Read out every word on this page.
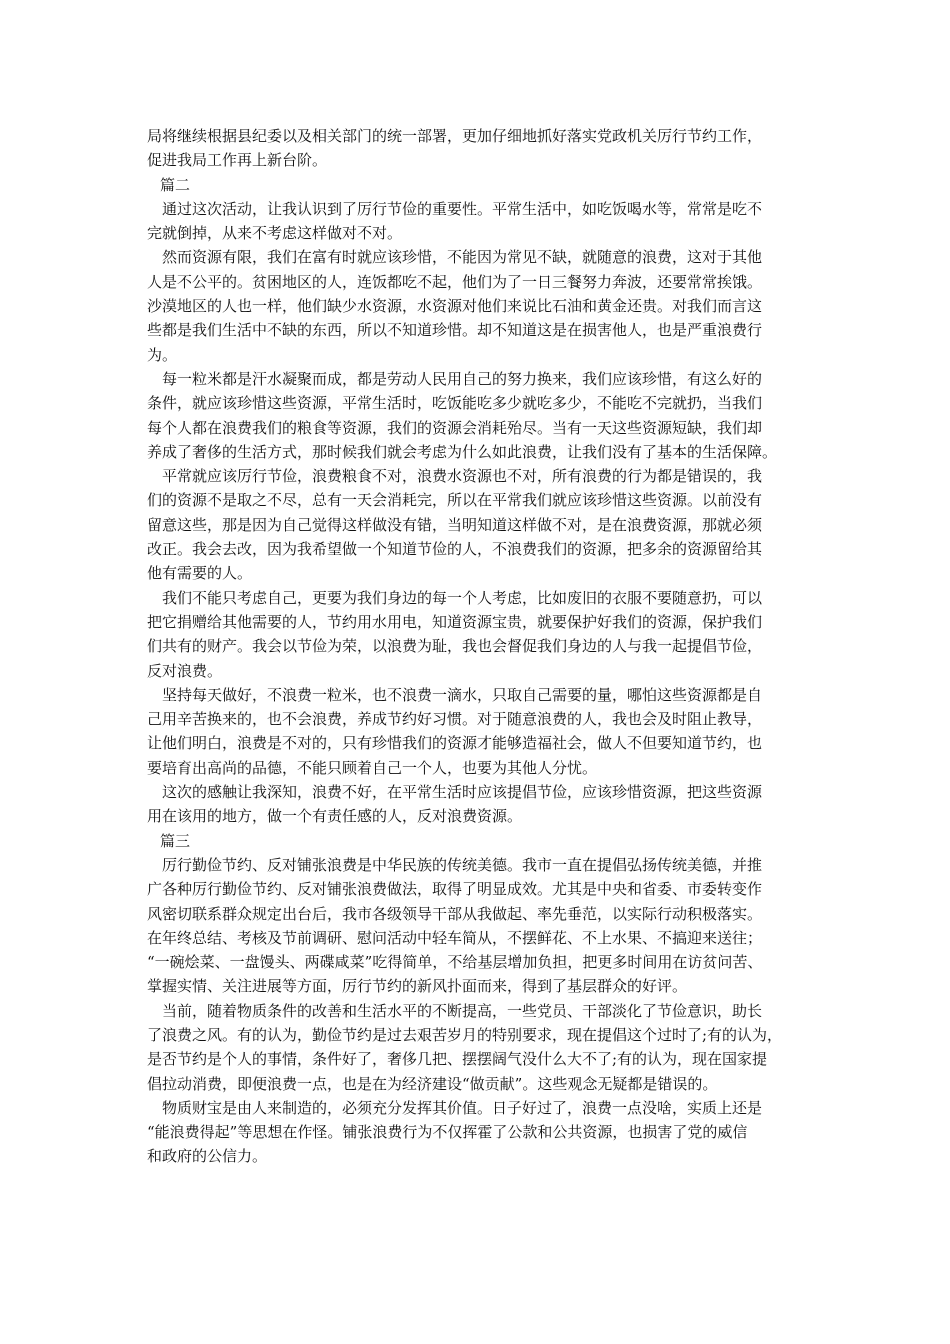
局将继续根据县纪委以及相关部门的统一部署，更加仔细地抓好落实党政机关厉行节约工作，
促进我局工作再上新台阶。
篇二
　通过这次活动，让我认识到了厉行节俭的重要性。平常生活中，如吃饭喝水等，常常是吃不
完就倒掉，从来不考虑这样做对不对。
　然而资源有限，我们在富有时就应该珍惜，不能因为常见不缺，就随意的浪费，这对于其他
人是不公平的。贫困地区的人，连饭都吃不起，他们为了一日三餐努力奔波，还要常常挨饿。
沙漠地区的人也一样，他们缺少水资源，水资源对他们来说比石油和黄金还贵。对我们而言这
些都是我们生活中不缺的东西，所以不知道珍惜。却不知道这是在损害他人，也是严重浪费行
为。
　每一粒米都是汗水凝聚而成，都是劳动人民用自己的努力换来，我们应该珍惜，有这么好的
条件，就应该珍惜这些资源，平常生活时，吃饭能吃多少就吃多少，不能吃不完就扔，当我们
每个人都在浪费我们的粮食等资源，我们的资源会消耗殆尽。当有一天这些资源短缺，我们却
养成了奢侈的生活方式，那时候我们就会考虑为什么如此浪费，让我们没有了基本的生活保障。
　平常就应该厉行节俭，浪费粮食不对，浪费水资源也不对，所有浪费的行为都是错误的，我
们的资源不是取之不尽，总有一天会消耗完，所以在平常我们就应该珍惜这些资源。以前没有
留意这些，那是因为自己觉得这样做没有错，当明知道这样做不对，是在浪费资源，那就必须
改正。我会去改，因为我希望做一个知道节俭的人，不浪费我们的资源，把多余的资源留给其
他有需要的人。
　我们不能只考虑自己，更要为我们身边的每一个人考虑，比如废旧的衣服不要随意扔，可以
把它捐赠给其他需要的人，节约用水用电，知道资源宝贵，就要保护好我们的资源，保护我们
们共有的财产。我会以节俭为荣，以浪费为耻，我也会督促我们身边的人与我一起提倡节俭，
反对浪费。
　坚持每天做好，不浪费一粒米，也不浪费一滴水，只取自己需要的量，哪怕这些资源都是自
己用辛苦换来的，也不会浪费，养成节约好习惯。对于随意浪费的人，我也会及时阻止教导，
让他们明白，浪费是不对的，只有珍惜我们的资源才能够造福社会，做人不但要知道节约，也
要培育出高尚的品德，不能只顾着自己一个人，也要为其他人分忧。
　这次的感触让我深知，浪费不好，在平常生活时应该提倡节俭，应该珍惜资源，把这些资源
用在该用的地方，做一个有责任感的人，反对浪费资源。
篇三
　厉行勤俭节约、反对铺张浪费是中华民族的传统美德。我市一直在提倡弘扬传统美德，并推
广各种厉行勤俭节约、反对铺张浪费做法，取得了明显成效。尤其是中央和省委、市委转变作
风密切联系群众规定出台后，我市各级领导干部从我做起、率先垂范，以实际行动积极落实。
在年终总结、考核及节前调研、慰问活动中轻车简从，不摆鲜花、不上水果、不搞迎来送往；
“一碗烩菜、一盘馒头、两碟咸菜”吃得简单，不给基层增加负担，把更多时间用在访贫问苦、
掌握实情、关注进展等方面，厉行节约的新风扑面而来，得到了基层群众的好评。
　当前，随着物质条件的改善和生活水平的不断提高，一些党员、干部淡化了节俭意识，助长
了浪费之风。有的认为，勤俭节约是过去艰苦岁月的特别要求，现在提倡这个过时了;有的认为，
是否节约是个人的事情，条件好了，奢侈几把、摆摆阔气没什么大不了;有的认为，现在国家提
倡拉动消费，即便浪费一点，也是在为经济建设“做贡献”。这些观念无疑都是错误的。
　物质财宝是由人来制造的，必须充分发挥其价值。日子好过了，浪费一点没啥，实质上还是
“能浪费得起”等思想在作怪。铺张浪费行为不仅挥霍了公款和公共资源，也损害了党的威信
和政府的公信力。
